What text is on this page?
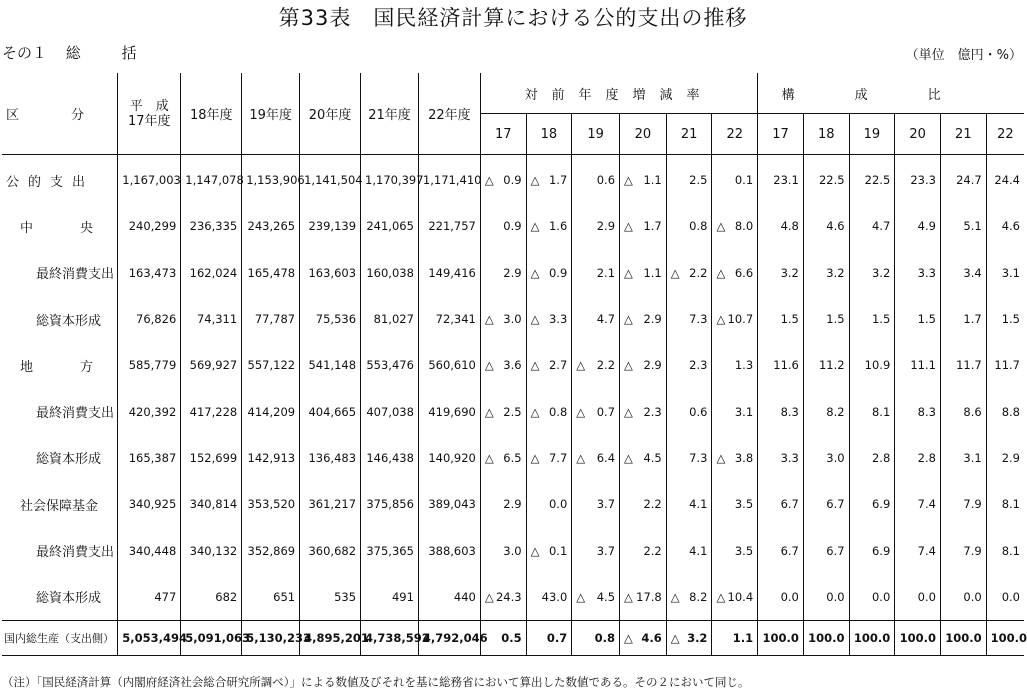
第33表　国民経済計算における公的支出の推移
その１ 総	括	（単位　億円・%）
区　　　　分	平　成
17年度	18年度	19年度	20年度	21年度	22年度	対前年度増減率						構成比					
							17	18	19	20	21	22	17	18	19	20	21	22
公的支出	1,167,003	1,147,078	1,153,906	1,141,504	1,170,397	1,171,410	△ 0.9	△ 1.7	0.6	△ 1.1	2.5	0.1	23.1	22.5	22.5	23.3	24.7	24.4
中 央	240,299	236,335	243,265	239,139	241,065	221,757	0.9	△ 1.6	2.9	△ 1.7	0.8	△ 8.0	4.8	4.6	4.7	4.9	5.1	4.6
最終消費支出	163,473	162,024	165,478	163,603	160,038	149,416	2.9	△ 0.9	2.1	△ 1.1	△ 2.2	△ 6.6	3.2	3.2	3.2	3.3	3.4	3.1
総資本形成	76,826	74,311	77,787	75,536	81,027	72,341	△ 3.0	△ 3.3	4.7	△ 2.9	7.3	△ 10.7	1.5	1.5	1.5	1.5	1.7	1.5
地 方	585,779	569,927	557,122	541,148	553,476	560,610	△ 3.6	△ 2.7	△ 2.2	△ 2.9	2.3	1.3	11.6	11.2	10.9	11.1	11.7	11.7
最終消費支出	420,392	417,228	414,209	404,665	407,038	419,690	△ 2.5	△ 0.8	△ 0.7	△ 2.3	0.6	3.1	8.3	8.2	8.1	8.3	8.6	8.8
総資本形成	165,387	152,699	142,913	136,483	146,438	140,920	△ 6.5	△ 7.7	△ 6.4	△ 4.5	7.3	△ 3.8	3.3	3.0	2.8	2.8	3.1	2.9
社会保障基金	340,925	340,814	353,520	361,217	375,856	389,043	2.9	0.0	3.7	2.2	4.1	3.5	6.7	6.7	6.9	7.4	7.9	8.1
最終消費支出	340,448	340,132	352,869	360,682	375,365	388,603	3.0	△ 0.1	3.7	2.2	4.1	3.5	6.7	6.7	6.9	7.4	7.9	8.1
総資本形成	477	682	651	535	491	440	△ 24.3	43.0	△ 4.5	△ 17.8	△ 8.2	△ 10.4	0.0	0.0	0.0	0.0	0.0	0.0
国内総生産（支出側）	5,053,494	5,091,063	5,130,233	4,895,201	4,738,592	4,792,046	0.5	0.7	0.8	△ 4.6	△ 3.2	1.1	100.0	100.0	100.0	100.0	100.0	100.0
（注）「国民経済計算（内閣府経済社会総合研究所調べ）」による数値及びそれを基に総務省において算出した数値である。その２において同じ。
